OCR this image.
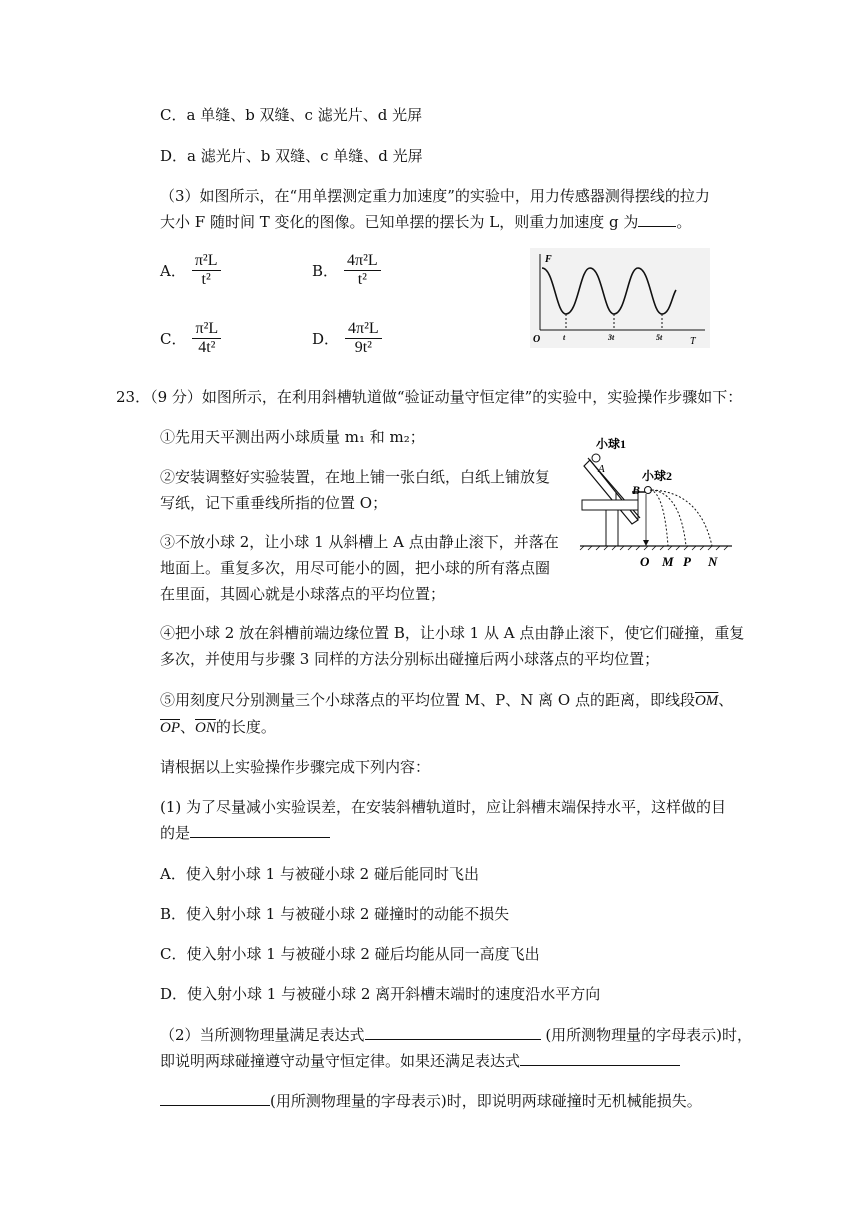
C．a 单缝、b 双缝、c 滤光片、d 光屏
D．a 滤光片、b 双缝、c 单缝、d 光屏
（3）如图所示，在“用单摆测定重力加速度”的实验中，用力传感器测得摆线的拉力
大小 F 随时间 T 变化的图像。已知单摆的摆长为 L，则重力加速度 g 为	。
A． $\frac{\text{π²L}}{\text{t²}}$	B． $\frac{\text{4π²L}}{\text{t²}}$
C． $\frac{\text{π²L}}{\text{4t²}}$	D． $\frac{\text{4π²L}}{\text{9t²}}$
F
O	t	3t	5t	T
23．（9 分）如图所示，在利用斜槽轨道做“验证动量守恒定律”的实验中，实验操作步骤如下：
①先用天平测出两小球质量 m₁ 和 m₂；
②安装调整好实验装置，在地上铺一张白纸，白纸上铺放复
写纸，记下重垂线所指的位置 O；
③不放小球 2，让小球 1 从斜槽上 A 点由静止滚下，并落在
地面上。重复多次，用尽可能小的圆，把小球的所有落点圈
在里面，其圆心就是小球落点的平均位置；
小球1
A	小球2
B
O M P N
④把小球 2 放在斜槽前端边缘位置 B，让小球 1 从 A 点由静止滚下，使它们碰撞，重复
多次，并使用与步骤 3 同样的方法分别标出碰撞后两小球落点的平均位置；
⑤用刻度尺分别测量三个小球落点的平均位置 M、P、N 离 O 点的距离，即线段$\overline{OM}$、
$\overline{OP}$、$\overline{ON}$的长度。
请根据以上实验操作步骤完成下列内容：
(1) 为了尽量减小实验误差，在安装斜槽轨道时，应让斜槽末端保持水平，这样做的目
的是
A．使入射小球 1 与被碰小球 2 碰后能同时飞出
B．使入射小球 1 与被碰小球 2 碰撞时的动能不损失
C．使入射小球 1 与被碰小球 2 碰后均能从同一高度飞出
D．使入射小球 1 与被碰小球 2 离开斜槽末端时的速度沿水平方向
（2）当所测物理量满足表达式	(用所测物理量的字母表示)时，
即说明两球碰撞遵守动量守恒定律。如果还满足表达式
(用所测物理量的字母表示)时，即说明两球碰撞时无机械能损失。
